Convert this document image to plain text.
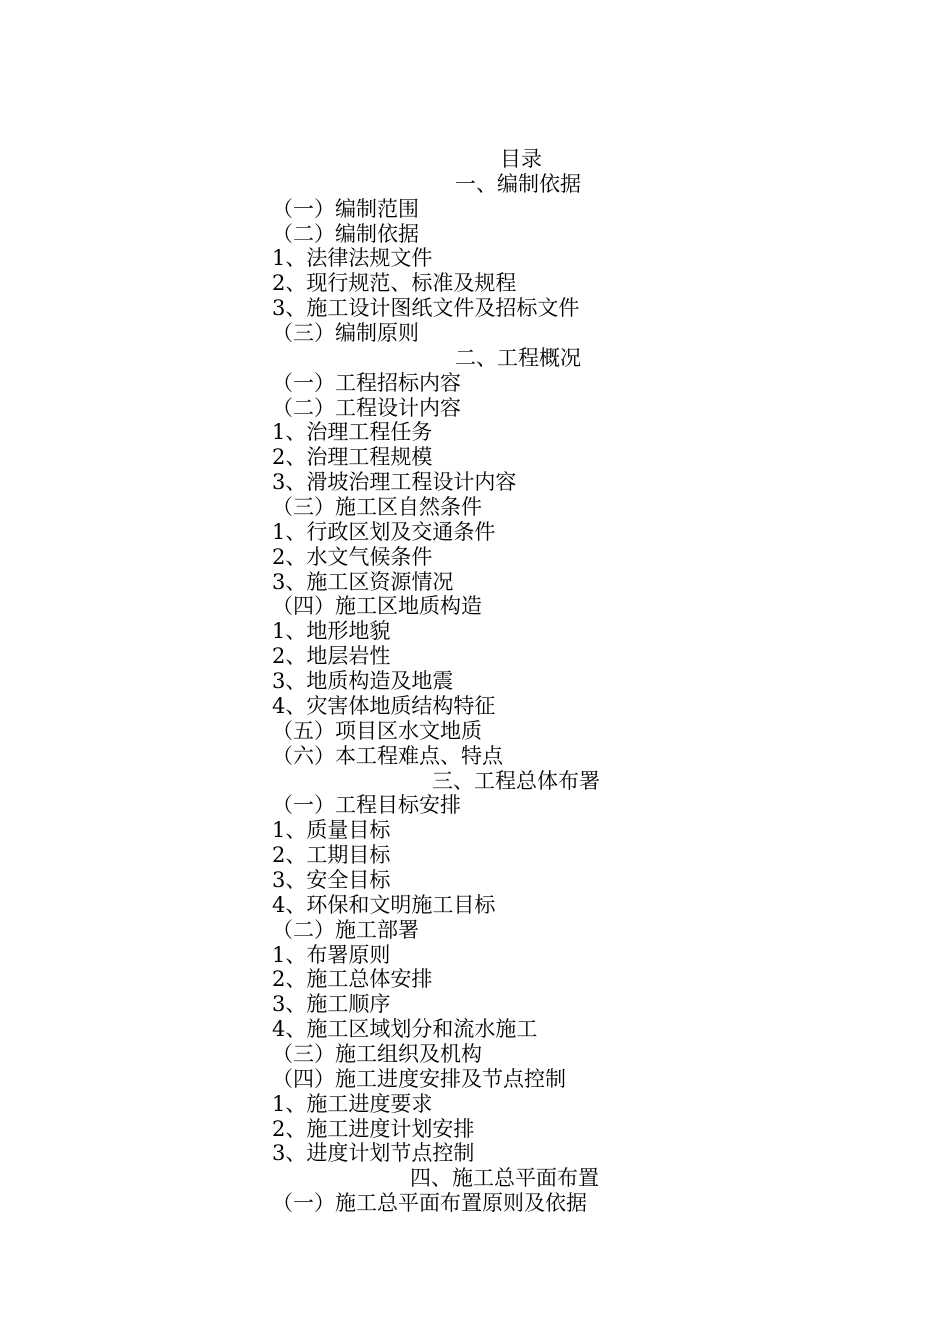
目录
一、编制依据
（一）编制范围
（二）编制依据
1、法律法规文件
2、现行规范、标准及规程
3、施工设计图纸文件及招标文件
（三）编制原则
二、工程概况
（一）工程招标内容
（二）工程设计内容
1、治理工程任务
2、治理工程规模
3、滑坡治理工程设计内容
（三）施工区自然条件
1、行政区划及交通条件
2、水文气候条件
3、施工区资源情况
（四）施工区地质构造
1、地形地貌
2、地层岩性
3、地质构造及地震
4、灾害体地质结构特征
（五）项目区水文地质
（六）本工程难点、特点
三、工程总体布署
（一）工程目标安排
1、质量目标
2、工期目标
3、安全目标
4、环保和文明施工目标
（二）施工部署
1、布署原则
2、施工总体安排
3、施工顺序
4、施工区域划分和流水施工
（三）施工组织及机构
（四）施工进度安排及节点控制
1、施工进度要求
2、施工进度计划安排
3、进度计划节点控制
四、施工总平面布置
（一）施工总平面布置原则及依据
